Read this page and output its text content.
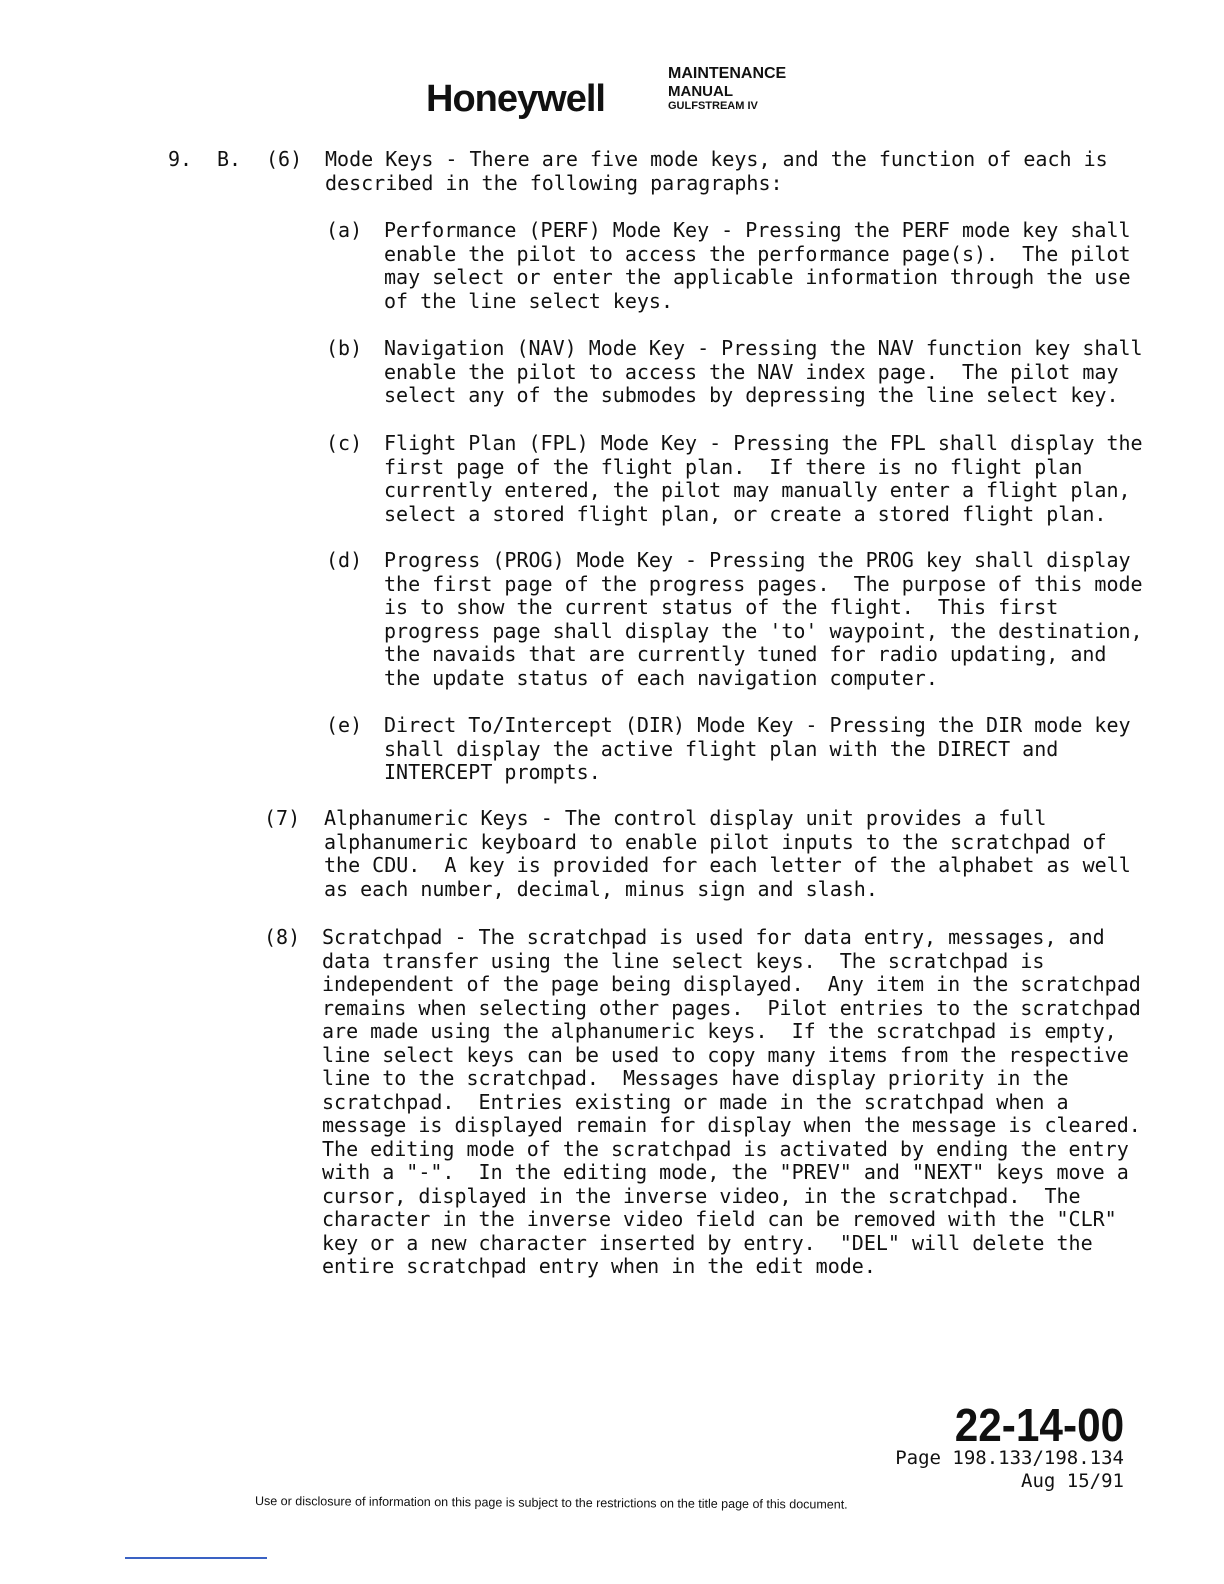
Honeywell
MAINTENANCE
MANUAL
GULFSTREAM IV
9. B. (6) Mode Keys - There are five mode keys, and the function of each is
described in the following paragraphs:
(a) Performance (PERF) Mode Key - Pressing the PERF mode key shall
enable the pilot to access the performance page(s).  The pilot
may select or enter the applicable information through the use
of the line select keys.
(b) Navigation (NAV) Mode Key - Pressing the NAV function key shall
enable the pilot to access the NAV index page.  The pilot may
select any of the submodes by depressing the line select key.
(c) Flight Plan (FPL) Mode Key - Pressing the FPL shall display the
first page of the flight plan.  If there is no flight plan
currently entered, the pilot may manually enter a flight plan,
select a stored flight plan, or create a stored flight plan.
(d) Progress (PROG) Mode Key - Pressing the PROG key shall display
the first page of the progress pages.  The purpose of this mode
is to show the current status of the flight.  This first
progress page shall display the 'to' waypoint, the destination,
the navaids that are currently tuned for radio updating, and
the update status of each navigation computer.
(e) Direct To/Intercept (DIR) Mode Key - Pressing the DIR mode key
shall display the active flight plan with the DIRECT and
INTERCEPT prompts.
(7) Alphanumeric Keys - The control display unit provides a full
alphanumeric keyboard to enable pilot inputs to the scratchpad of
the CDU.  A key is provided for each letter of the alphabet as well
as each number, decimal, minus sign and slash.
(8) Scratchpad - The scratchpad is used for data entry, messages, and
data transfer using the line select keys.  The scratchpad is
independent of the page being displayed.  Any item in the scratchpad
remains when selecting other pages.  Pilot entries to the scratchpad
are made using the alphanumeric keys.  If the scratchpad is empty,
line select keys can be used to copy many items from the respective
line to the scratchpad.  Messages have display priority in the
scratchpad.  Entries existing or made in the scratchpad when a
message is displayed remain for display when the message is cleared.
The editing mode of the scratchpad is activated by ending the entry
with a "-".  In the editing mode, the "PREV" and "NEXT" keys move a
cursor, displayed in the inverse video, in the scratchpad.  The
character in the inverse video field can be removed with the "CLR"
key or a new character inserted by entry.  "DEL" will delete the
entire scratchpad entry when in the edit mode.
22-14-00
Page 198.133/198.134
Aug 15/91
Use or disclosure of information on this page is subject to the restrictions on the title page of this document.
